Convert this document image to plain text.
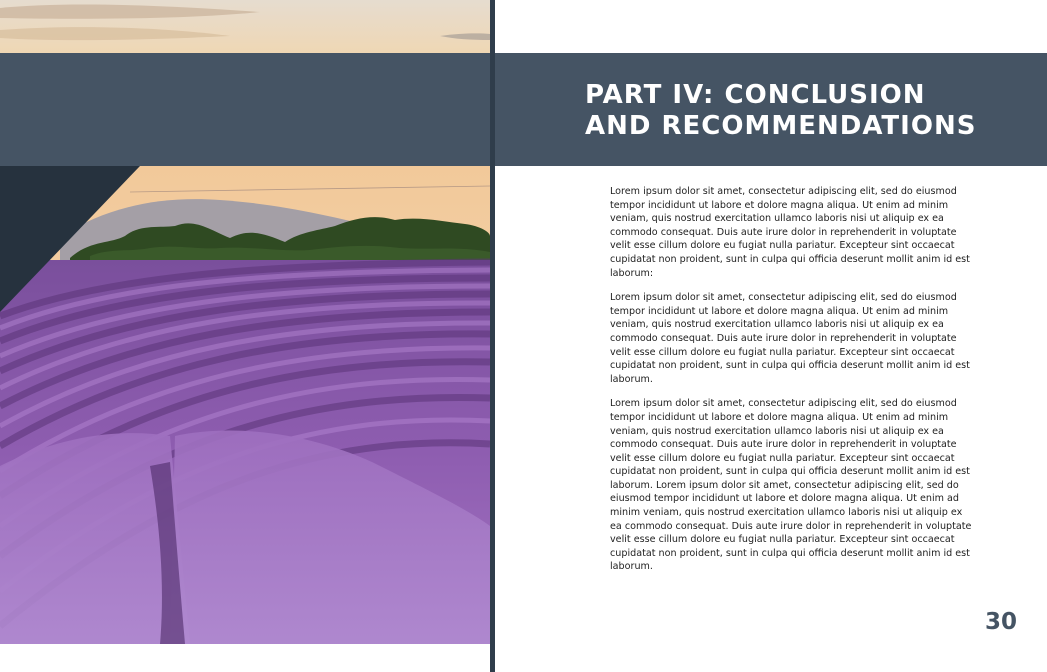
PART IV: CONCLUSION
AND RECOMMENDATIONS

Lorem ipsum dolor sit amet, consectetur adipiscing elit, sed do eiusmod tempor incididunt ut labore et dolore magna aliqua. Ut enim ad minim veniam, quis nostrud exercitation ullamco laboris nisi ut aliquip ex ea commodo consequat. Duis aute irure dolor in reprehenderit in voluptate velit esse cillum dolore eu fugiat nulla pariatur. Excepteur sint occaecat cupidatat non proident, sunt in culpa qui officia deserunt mollit anim id est laborum:

Lorem ipsum dolor sit amet, consectetur adipiscing elit, sed do eiusmod tempor incididunt ut labore et dolore magna aliqua. Ut enim ad minim veniam, quis nostrud exercitation ullamco laboris nisi ut aliquip ex ea commodo consequat. Duis aute irure dolor in reprehenderit in voluptate velit esse cillum dolore eu fugiat nulla pariatur. Excepteur sint occaecat cupidatat non proident, sunt in culpa qui officia deserunt mollit anim id est laborum.

Lorem ipsum dolor sit amet, consectetur adipiscing elit, sed do eiusmod tempor incididunt ut labore et dolore magna aliqua. Ut enim ad minim veniam, quis nostrud exercitation ullamco laboris nisi ut aliquip ex ea commodo consequat. Duis aute irure dolor in reprehenderit in voluptate velit esse cillum dolore eu fugiat nulla pariatur. Excepteur sint occaecat cupidatat non proident, sunt in culpa qui officia deserunt mollit anim id est laborum. Lorem ipsum dolor sit amet, consectetur adipiscing elit, sed do eiusmod tempor incididunt ut labore et dolore magna aliqua. Ut enim ad minim veniam, quis nostrud exercitation ullamco laboris nisi ut aliquip ex ea commodo consequat. Duis aute irure dolor in reprehenderit in voluptate velit esse cillum dolore eu fugiat nulla pariatur. Excepteur sint occaecat cupidatat non proident, sunt in culpa qui officia deserunt mollit anim id est laborum.

30
